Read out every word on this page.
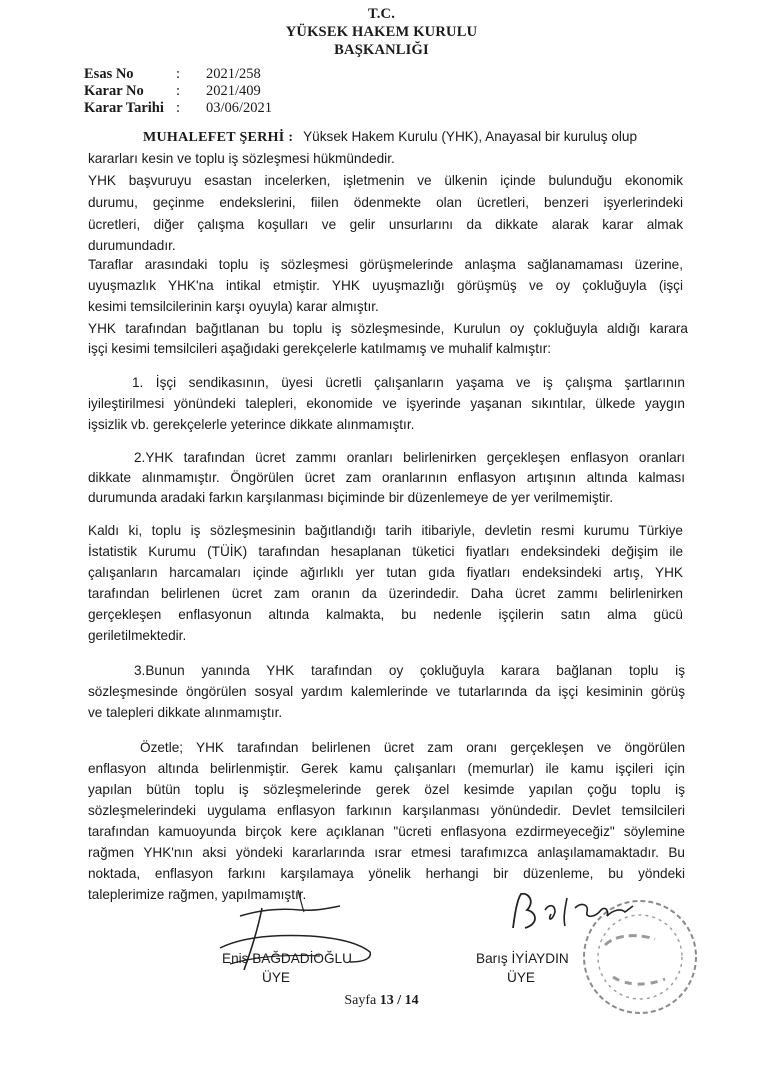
T.C.
YÜKSEK HAKEM KURULU
BAŞKANLIĞI
Esas No	: 2021/258
Karar No : 2021/409
Karar Tarihi : 03/06/2021
MUHALEFET ŞERHİ : Yüksek Hakem Kurulu (YHK), Anayasal bir kuruluş olup
kararları kesin ve toplu iş sözleşmesi hükmündedir.
YHK başvuruyu esastan incelerken, işletmenin ve ülkenin içinde bulunduğu ekonomik
durumu, geçinme endekslerini, fiilen ödenmekte olan ücretleri, benzeri işyerlerindeki
ücretleri, diğer çalışma koşulları ve gelir unsurlarını da dikkate alarak karar almak
durumundadır.
Taraflar arasındaki toplu iş sözleşmesi görüşmelerinde anlaşma sağlanamaması üzerine,
uyuşmazlık YHK'na intikal etmiştir. YHK uyuşmazlığı görüşmüş ve oy çokluğuyla (işçi
kesimi temsilcilerinin karşı oyuyla) karar almıştır.
YHK tarafından bağıtlanan bu toplu iş sözleşmesinde, Kurulun oy çokluğuyla aldığı karara
işçi kesimi temsilcileri aşağıdaki gerekçelerle katılmamış ve muhalif kalmıştır:
1. İşçi sendikasının, üyesi ücretli çalışanların yaşama ve iş çalışma şartlarının
iyileştirilmesi yönündeki talepleri, ekonomide ve işyerinde yaşanan sıkıntılar, ülkede yaygın
işsizlik vb. gerekçelerle yeterince dikkate alınmamıştır.
2.YHK tarafından ücret zammı oranları belirlenirken gerçekleşen enflasyon oranları
dikkate alınmamıştır. Öngörülen ücret zam oranlarının enflasyon artışının altında kalması
durumunda aradaki farkın karşılanması biçiminde bir düzenlemeye de yer verilmemiştir.
Kaldı ki, toplu iş sözleşmesinin bağıtlandığı tarih itibariyle, devletin resmi kurumu Türkiye
İstatistik Kurumu (TÜİK) tarafından hesaplanan tüketici fiyatları endeksindeki değişim ile
çalışanların harcamaları içinde ağırlıklı yer tutan gıda fiyatları endeksindeki artış, YHK
tarafından belirlenen ücret zam oranın da üzerindedir. Daha ücret zammı belirlenirken
gerçekleşen enflasyonun altında kalmakta, bu nedenle işçilerin satın alma gücü
geriletilmektedir.
3.Bunun yanında YHK tarafından oy çokluğuyla karara bağlanan toplu iş
sözleşmesinde öngörülen sosyal yardım kalemlerinde ve tutarlarında da işçi kesiminin görüş
ve talepleri dikkate alınmamıştır.
Özetle; YHK tarafından belirlenen ücret zam oranı gerçekleşen ve öngörülen
enflasyon altında belirlenmiştir. Gerek kamu çalışanları (memurlar) ile kamu işçileri için
yapılan bütün toplu iş sözleşmelerinde gerek özel kesimde yapılan çoğu toplu iş
sözleşmelerindeki uygulama enflasyon farkının karşılanması yönündedir. Devlet temsilcileri
tarafından kamuoyunda birçok kere açıklanan "ücreti enflasyona ezdirmeyeceğiz" söylemine
rağmen YHK'nın aksi yöndeki kararlarında ısrar etmesi tarafımızca anlaşılamamaktadır. Bu
noktada, enflasyon farkını karşılamaya yönelik herhangi bir düzenleme, bu yöndeki
taleplerimize rağmen, yapılmamıştır.
Enis BAĞDADİOĞLU
ÜYE
Barış İYİAYDIN
ÜYE
Sayfa 13 / 14
